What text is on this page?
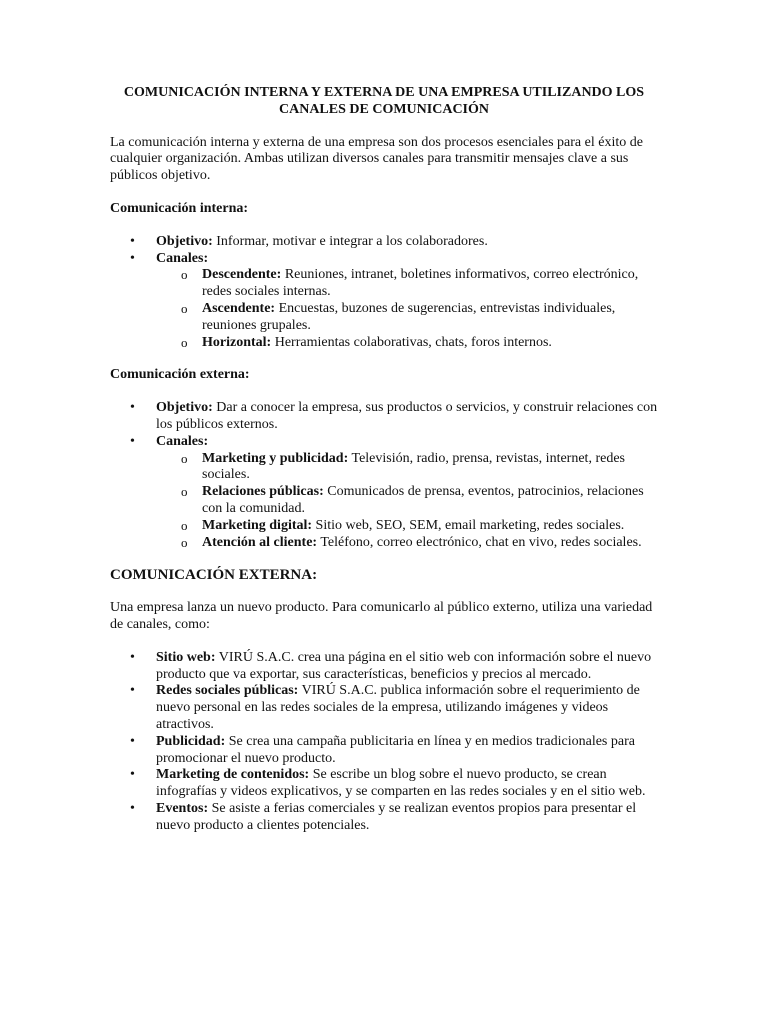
COMUNICACIÓN INTERNA Y EXTERNA DE UNA EMPRESA UTILIZANDO LOS
CANALES DE COMUNICACIÓN

La comunicación interna y externa de una empresa son dos procesos esenciales para el éxito de cualquier organización. Ambas utilizan diversos canales para transmitir mensajes clave a sus públicos objetivo.

Comunicación interna:

• Objetivo: Informar, motivar e integrar a los colaboradores.
• Canales:
o Descendente: Reuniones, intranet, boletines informativos, correo electrónico, redes sociales internas.
o Ascendente: Encuestas, buzones de sugerencias, entrevistas individuales, reuniones grupales.
o Horizontal: Herramientas colaborativas, chats, foros internos.

Comunicación externa:

• Objetivo: Dar a conocer la empresa, sus productos o servicios, y construir relaciones con los públicos externos.
• Canales:
o Marketing y publicidad: Televisión, radio, prensa, revistas, internet, redes sociales.
o Relaciones públicas: Comunicados de prensa, eventos, patrocinios, relaciones con la comunidad.
o Marketing digital: Sitio web, SEO, SEM, email marketing, redes sociales.
o Atención al cliente: Teléfono, correo electrónico, chat en vivo, redes sociales.

COMUNICACIÓN EXTERNA:

Una empresa lanza un nuevo producto. Para comunicarlo al público externo, utiliza una variedad de canales, como:

• Sitio web: VIRÚ S.A.C. crea una página en el sitio web con información sobre el nuevo producto que va exportar, sus características, beneficios y precios al mercado.
• Redes sociales públicas: VIRÚ S.A.C. publica información sobre el requerimiento de nuevo personal en las redes sociales de la empresa, utilizando imágenes y videos atractivos.
• Publicidad: Se crea una campaña publicitaria en línea y en medios tradicionales para promocionar el nuevo producto.
• Marketing de contenidos: Se escribe un blog sobre el nuevo producto, se crean infografías y videos explicativos, y se comparten en las redes sociales y en el sitio web.
• Eventos: Se asiste a ferias comerciales y se realizan eventos propios para presentar el nuevo producto a clientes potenciales.
